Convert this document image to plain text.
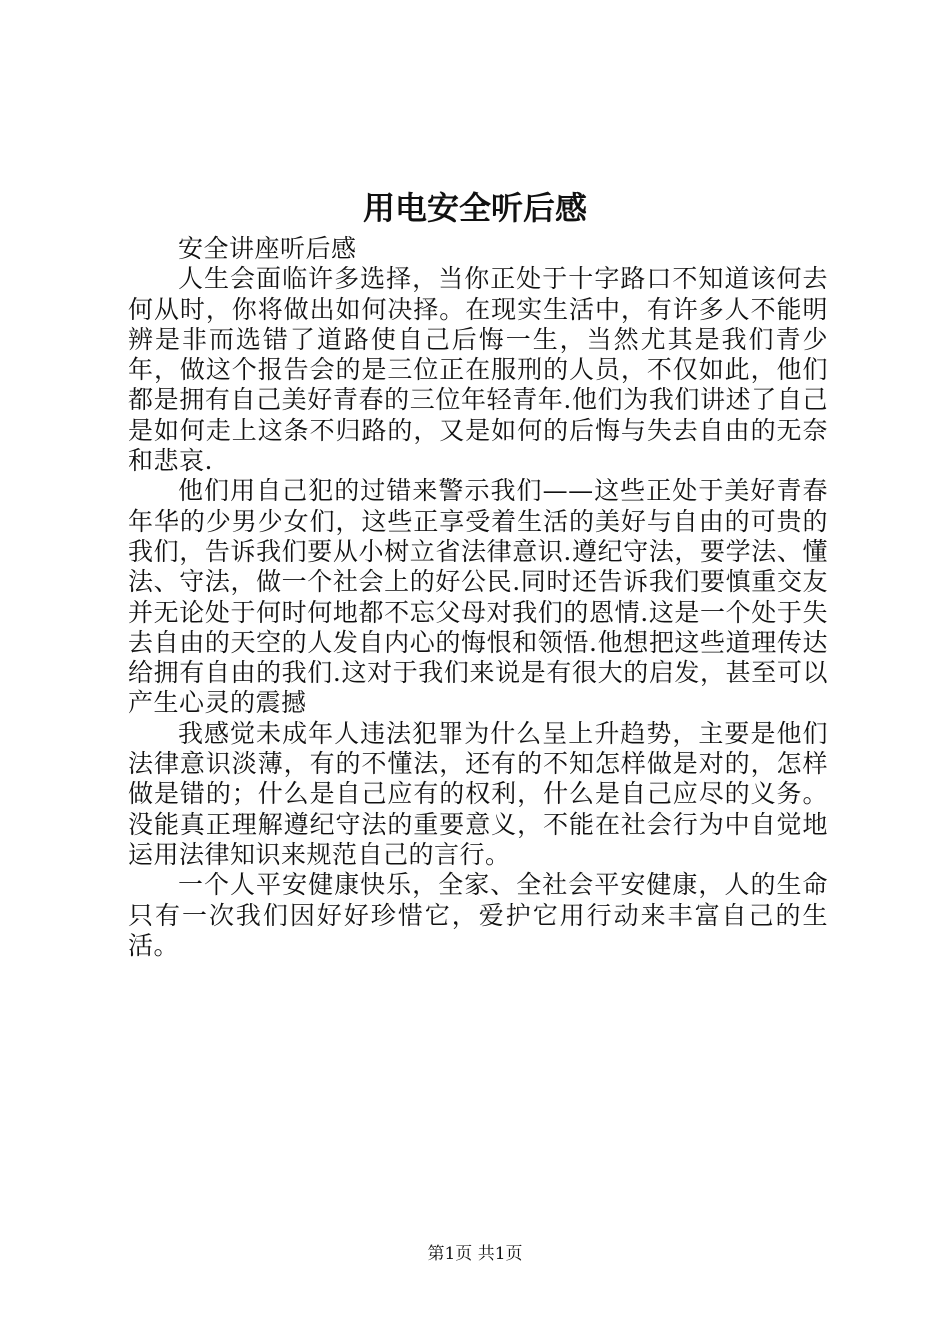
用电安全听后感

安全讲座听后感

人生会面临许多选择，当你正处于十字路口不知道该何去何从时，你将做出如何决择。在现实生活中，有许多人不能明辨是非而选错了道路使自己后悔一生，当然尤其是我们青少年，做这个报告会的是三位正在服刑的人员，不仅如此，他们都是拥有自己美好青春的三位年轻青年.他们为我们讲述了自己是如何走上这条不归路的，又是如何的后悔与失去自由的无奈和悲哀.

他们用自己犯的过错来警示我们——这些正处于美好青春年华的少男少女们，这些正享受着生活的美好与自由的可贵的我们，告诉我们要从小树立省法律意识.遵纪守法，要学法、懂法、守法，做一个社会上的好公民.同时还告诉我们要慎重交友并无论处于何时何地都不忘父母对我们的恩情.这是一个处于失去自由的天空的人发自内心的悔恨和领悟.他想把这些道理传达给拥有自由的我们.这对于我们来说是有很大的启发，甚至可以产生心灵的震撼

我感觉未成年人违法犯罪为什么呈上升趋势，主要是他们法律意识淡薄，有的不懂法，还有的不知怎样做是对的，怎样做是错的；什么是自己应有的权利，什么是自己应尽的义务。没能真正理解遵纪守法的重要意义，不能在社会行为中自觉地运用法律知识来规范自己的言行。

一个人平安健康快乐，全家、全社会平安健康，人的生命只有一次我们因好好珍惜它，爱护它用行动来丰富自己的生活。

第1页 共1页
